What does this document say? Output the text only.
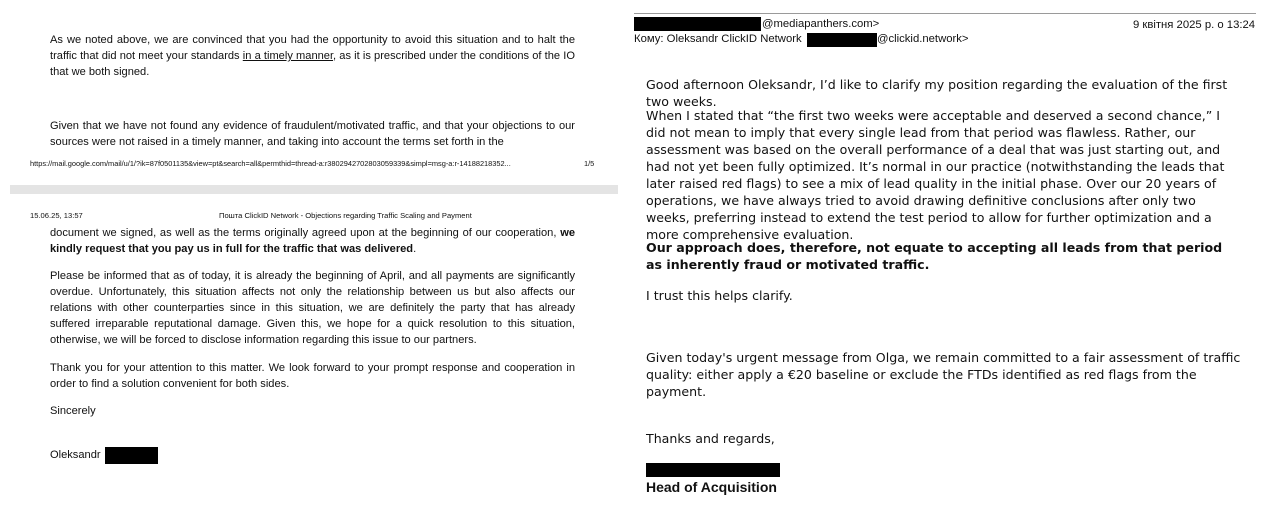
As we noted above, we are convinced that you had the opportunity to avoid this situation and to halt the traffic that did not meet your standards in a timely manner, as it is prescribed under the conditions of the IO that we both signed.

Given that we have not found any evidence of fraudulent/motivated traffic, and that your objections to our sources were not raised in a timely manner, and taking into account the terms set forth in the

https://mail.google.com/mail/u/1/?ik=87f0501135&view=pt&search=all&permthid=thread-a:r3802942702803059339&simpl=msg-a:r-14188218352...	1/5
15.06.25, 13:57	Пошта ClickID Network - Objections regarding Traffic Scaling and Payment

document we signed, as well as the terms originally agreed upon at the beginning of our cooperation, we kindly request that you pay us in full for the traffic that was delivered.

Please be informed that as of today, it is already the beginning of April, and all payments are significantly overdue. Unfortunately, this situation affects not only the relationship between us but also affects our relations with other counterparties since in this situation, we are definitely the party that has already suffered irreparable reputational damage. Given this, we hope for a quick resolution to this situation, otherwise, we will be forced to disclose information regarding this issue to our partners.

Thank you for your attention to this matter. We look forward to your prompt response and cooperation in order to find a solution convenient for both sides.

Sincerely

Oleksandr

@mediapanthers.com>	9 квітня 2025 р. о 13:24
Кому: Oleksandr ClickID Network	@clickid.network>

Good afternoon Oleksandr, I’d like to clarify my position regarding the evaluation of the first two weeks.

When I stated that “the first two weeks were acceptable and deserved a second chance,” I did not mean to imply that every single lead from that period was flawless. Rather, our assessment was based on the overall performance of a deal that was just starting out, and had not yet been fully optimized. It’s normal in our practice (notwithstanding the leads that later raised red flags) to see a mix of lead quality in the initial phase. Over our 20 years of operations, we have always tried to avoid drawing definitive conclusions after only two weeks, preferring instead to extend the test period to allow for further optimization and a more comprehensive evaluation.

Our approach does, therefore, not equate to accepting all leads from that period as inherently fraud or motivated traffic.

I trust this helps clarify.

Given today's urgent message from Olga, we remain committed to a fair assessment of traffic quality: either apply a €20 baseline or exclude the FTDs identified as red flags from the payment.

Thanks and regards,

Head of Acquisition
